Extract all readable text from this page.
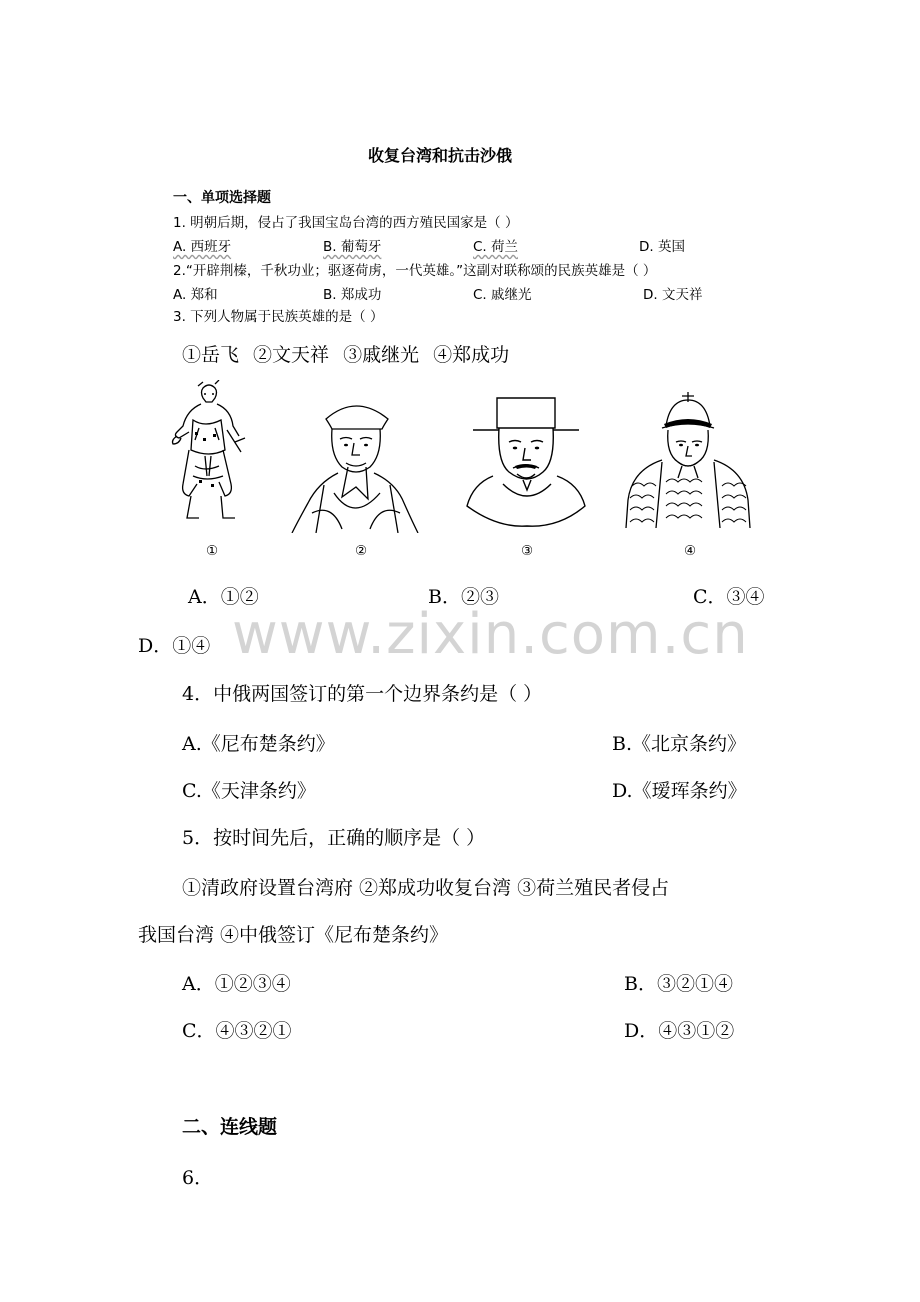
收复台湾和抗击沙俄
一、单项选择题
1. 明朝后期，侵占了我国宝岛台湾的西方殖民国家是（ ）
A. 西班牙	B. 葡萄牙	C. 荷兰	D. 英国
2.“开辟荆榛，千秋功业；驱逐荷虏，一代英雄。”这副对联称颂的民族英雄是（ ）
A. 郑和	B. 郑成功	C. 戚继光	D. 文天祥
3. 下列人物属于民族英雄的是（ ）
①岳飞 ②文天祥 ③戚继光 ④郑成功
①	②	③	④
A．①②	B．②③	C．③④
D．①④ www.zixin.com.cn
4．中俄两国签订的第一个边界条约是（ ）
A.《尼布楚条约》	B.《北京条约》
C.《天津条约》	D.《瑷珲条约》
5．按时间先后，正确的顺序是（ ）
①清政府设置台湾府 ②郑成功收复台湾 ③荷兰殖民者侵占
我国台湾 ④中俄签订《尼布楚条约》
A．①②③④	B．③②①④
C．④③②①	D．④③①②
二、连线题
6．
